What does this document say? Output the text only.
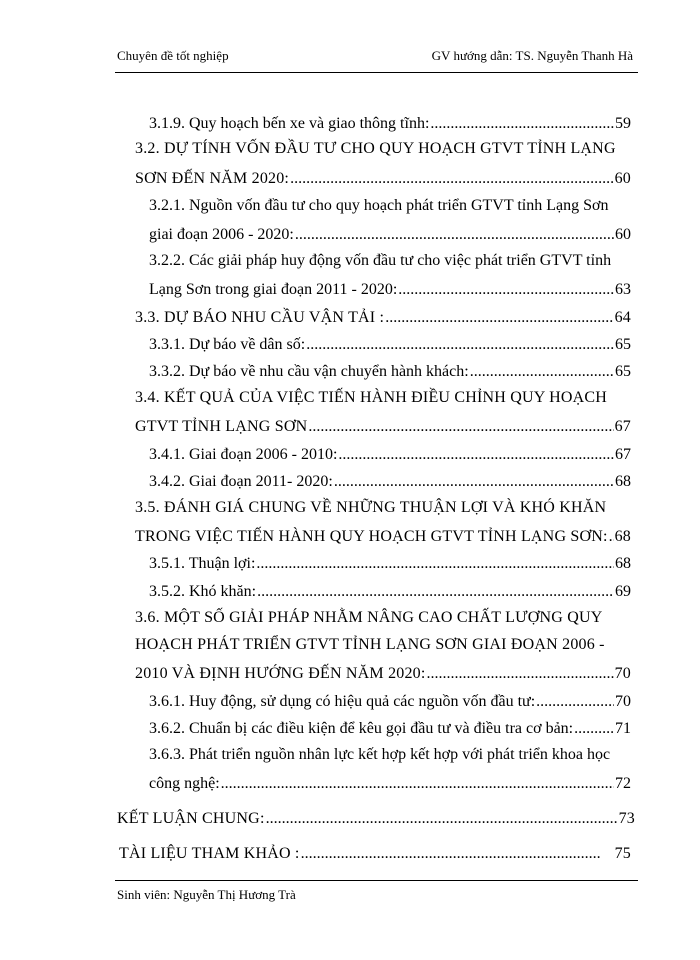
Chuyên đề tốt nghiệp	GV hướng dẫn: TS. Nguyễn Thanh Hà
3.1.9. Quy hoạch bến xe và giao thông tĩnh: .....	59
3.2. DỰ TÍNH VỐN ĐẦU TƯ CHO QUY HOẠCH GTVT TỈNH LẠNG
SƠN ĐẾN NĂM 2020: .....	60
3.2.1. Nguồn vốn đầu tư cho quy hoạch phát triển GTVT tỉnh Lạng Sơn
giai đoạn 2006 - 2020: .....	60
3.2.2. Các giải pháp huy động vốn đầu tư cho việc phát triển GTVT tỉnh
Lạng Sơn trong giai đoạn 2011 - 2020: .....	63
3.3. DỰ BÁO NHU CẦU VẬN TẢI : .....	64
3.3.1. Dự báo về dân số: .....	65
3.3.2. Dự báo về nhu cầu vận chuyển hành khách: .....	65
3.4. KẾT QUẢ CỦA VIỆC TIẾN HÀNH ĐIỀU CHỈNH QUY HOẠCH
GTVT TỈNH LẠNG SƠN .....	67
3.4.1. Giai đoạn 2006 - 2010: .....	67
3.4.2. Giai đoạn 2011- 2020: .....	68
3.5. ĐÁNH GIÁ CHUNG VỀ NHỮNG THUẬN LỢI VÀ KHÓ KHĂN
TRONG VIỆC TIẾN HÀNH QUY HOẠCH GTVT TỈNH LẠNG SƠN: ..... 68
3.5.1. Thuận lợi: .....	68
3.5.2. Khó khăn: .....	69
3.6. MỘT SỐ GIẢI PHÁP NHẰM NÂNG CAO CHẤT LƯỢNG QUY
HOẠCH PHÁT TRIỂN GTVT TỈNH LẠNG SƠN GIAI ĐOẠN 2006 -
2010 VÀ ĐỊNH HƯỚNG ĐẾN NĂM 2020: .....	70
3.6.1. Huy động, sử dụng có hiệu quả các nguồn vốn đầu tư: .....	70
3.6.2. Chuẩn bị các điều kiện để kêu gọi đầu tư và điều tra cơ bản: .....	71
3.6.3. Phát triển nguồn nhân lực kết hợp kết hợp với phát triển khoa học
công nghệ: .....	72
KẾT LUẬN CHUNG: .....	73
TÀI LIỆU THAM KHẢO : .....	75
Sinh viên: Nguyễn Thị Hương Trà
